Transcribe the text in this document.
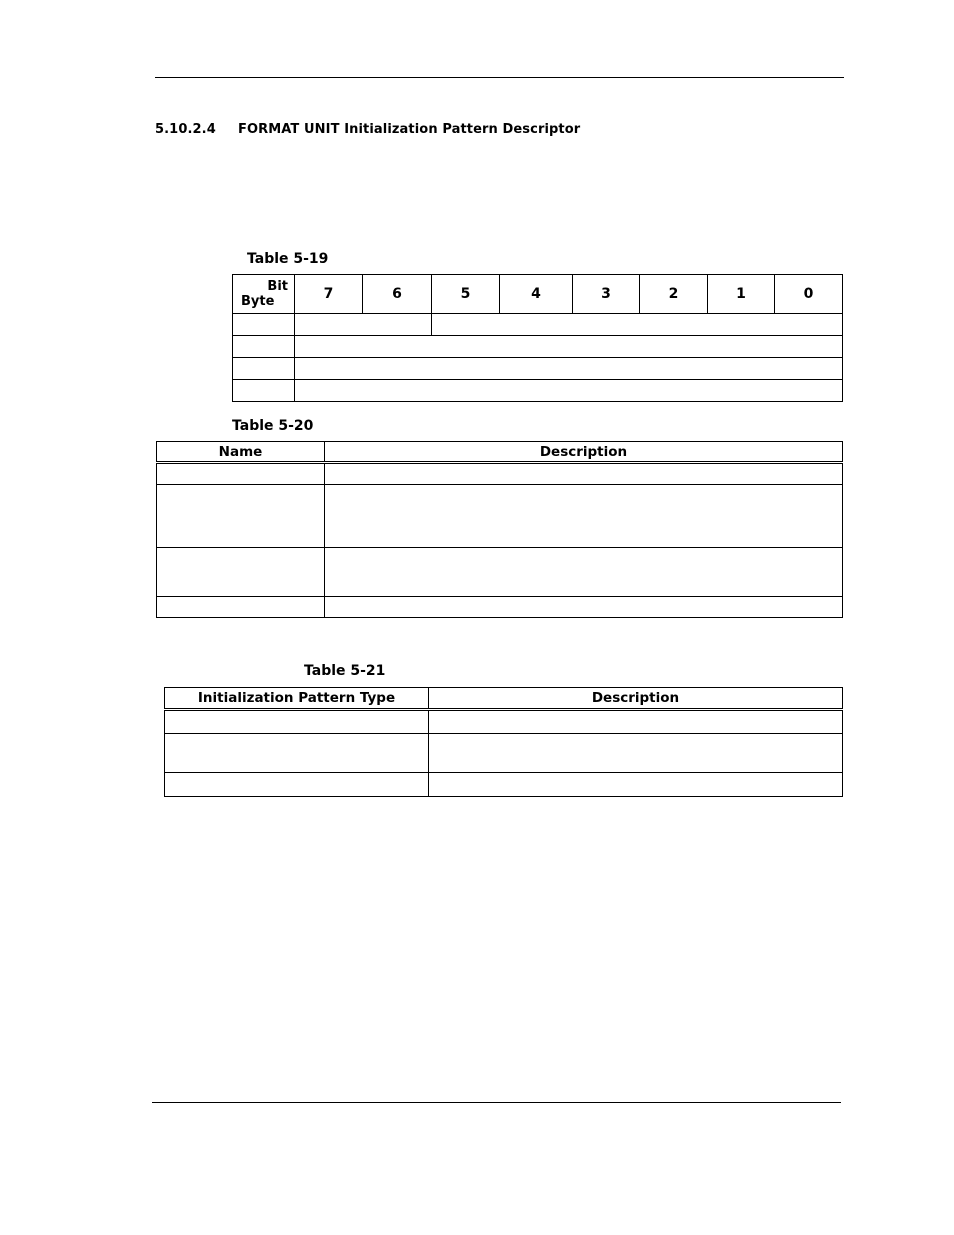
5.10.2.4 FORMAT UNIT Initialization Pattern Descriptor
Table 5-19
Bit
Byte	7	6	5	4	3	2	1	0

Table 5-20
Name	Description

Table 5-21
Initialization Pattern Type	Description
